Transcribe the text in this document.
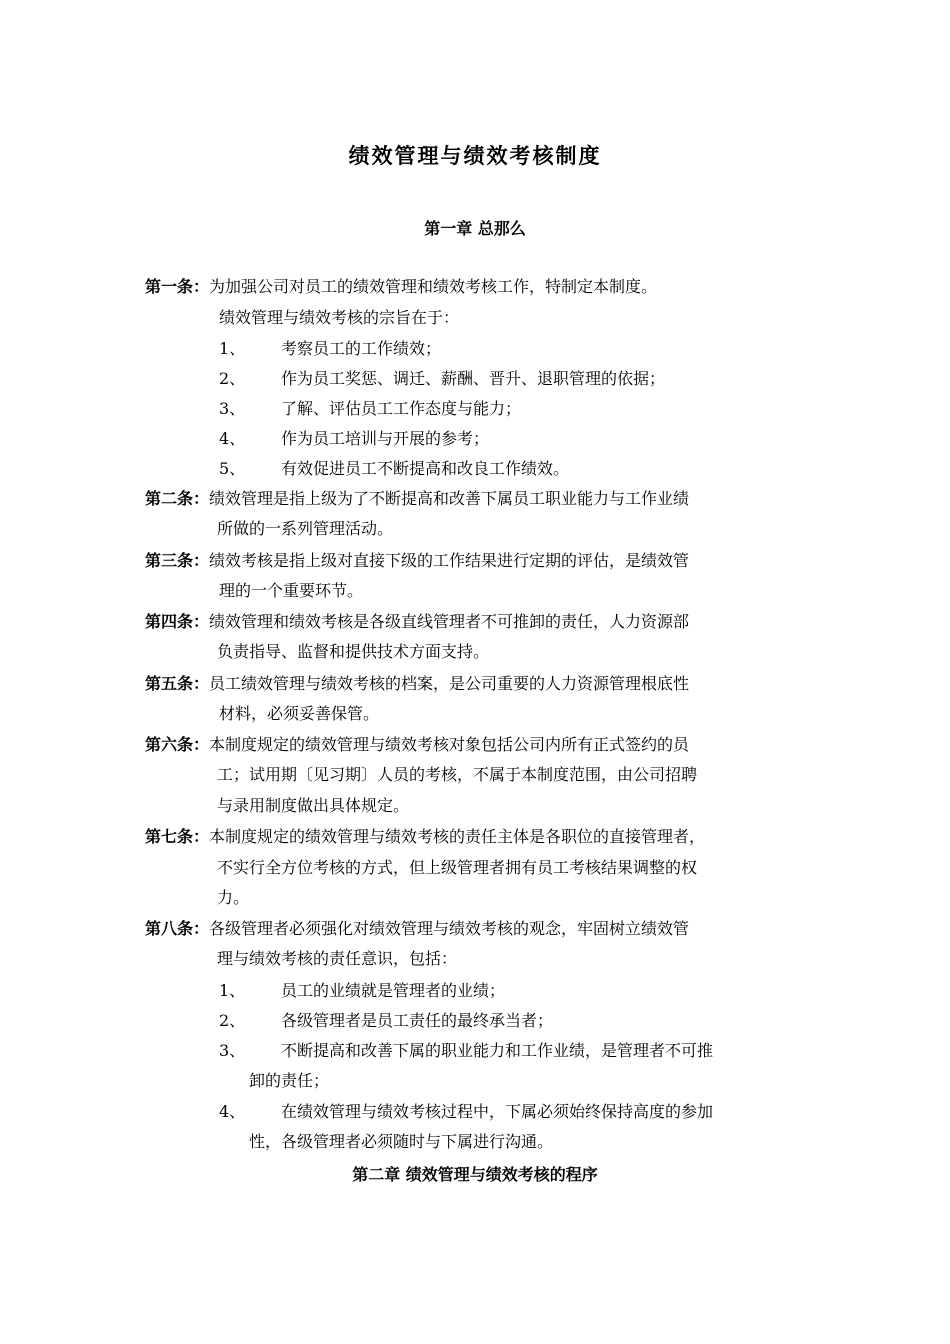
绩效管理与绩效考核制度
第一章 总那么
第一条：为加强公司对员工的绩效管理和绩效考核工作，特制定本制度。
绩效管理与绩效考核的宗旨在于：
1、 考察员工的工作绩效；
2、 作为员工奖惩、调迁、薪酬、晋升、退职管理的依据；
3、 了解、评估员工工作态度与能力；
4、 作为员工培训与开展的参考；
5、 有效促进员工不断提高和改良工作绩效。
第二条：绩效管理是指上级为了不断提高和改善下属员工职业能力与工作业绩
所做的一系列管理活动。
第三条：绩效考核是指上级对直接下级的工作结果进行定期的评估，是绩效管
理的一个重要环节。
第四条：绩效管理和绩效考核是各级直线管理者不可推卸的责任，人力资源部
负责指导、监督和提供技术方面支持。
第五条：员工绩效管理与绩效考核的档案，是公司重要的人力资源管理根底性
材料，必须妥善保管。
第六条：本制度规定的绩效管理与绩效考核对象包括公司内所有正式签约的员
工；试用期〔见习期〕人员的考核，不属于本制度范围，由公司招聘
与录用制度做出具体规定。
第七条：本制度规定的绩效管理与绩效考核的责任主体是各职位的直接管理者，
不实行全方位考核的方式，但上级管理者拥有员工考核结果调整的权
力。
第八条：各级管理者必须强化对绩效管理与绩效考核的观念，牢固树立绩效管
理与绩效考核的责任意识，包括：
1、 员工的业绩就是管理者的业绩；
2、 各级管理者是员工责任的最终承当者；
3、 不断提高和改善下属的职业能力和工作业绩，是管理者不可推
卸的责任；
4、 在绩效管理与绩效考核过程中，下属必须始终保持高度的参加
性，各级管理者必须随时与下属进行沟通。
第二章 绩效管理与绩效考核的程序
